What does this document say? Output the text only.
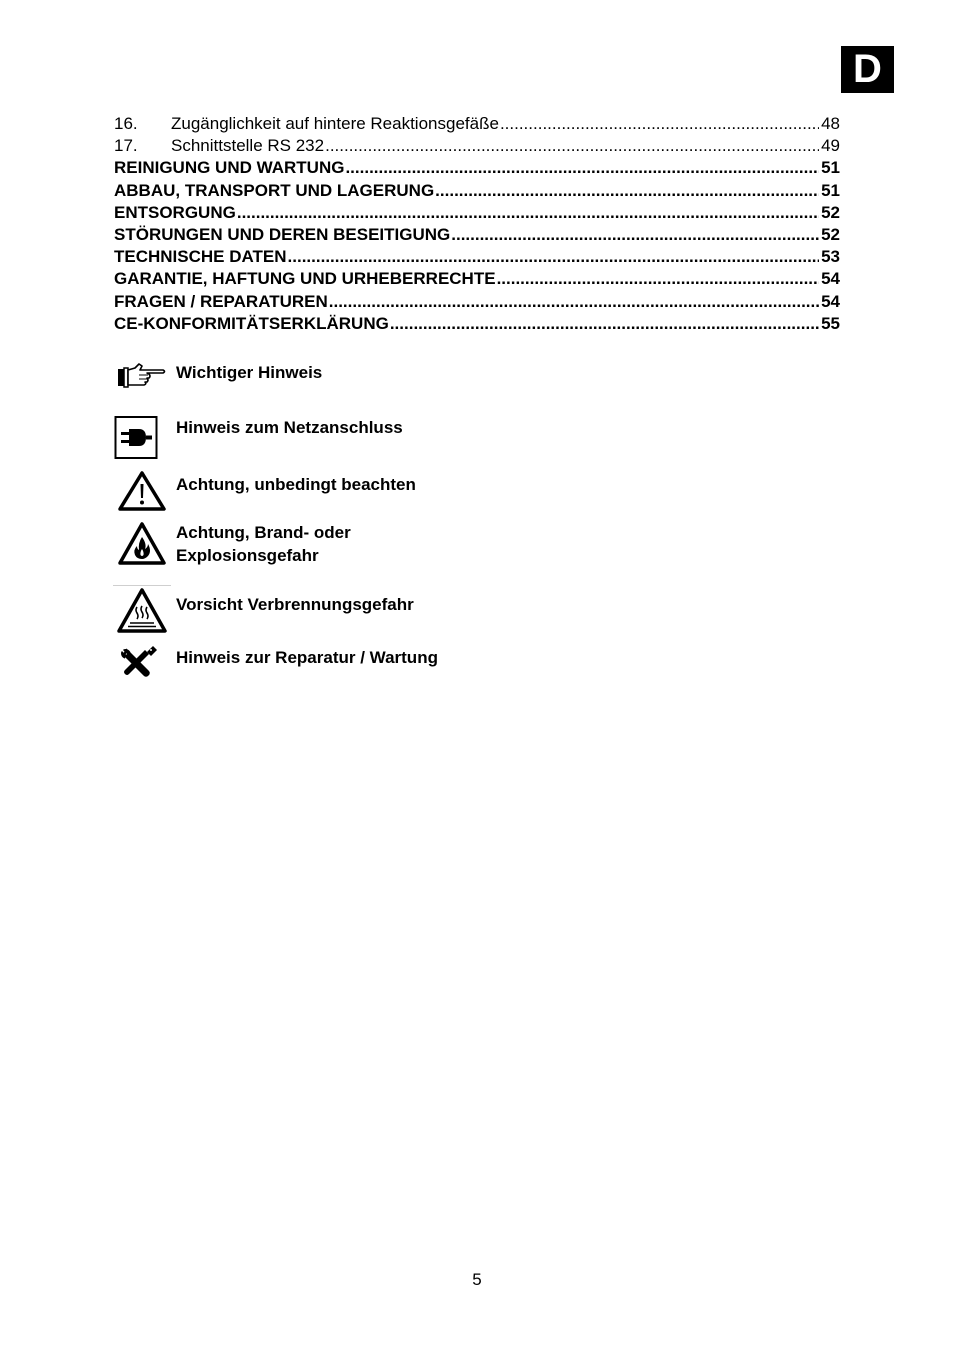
D
16.	Zugänglichkeit auf hintere Reaktionsgefäße .....	48
17.	Schnittstelle RS 232 .....	49
REINIGUNG UND WARTUNG .....	51
ABBAU, TRANSPORT UND LAGERUNG .....	51
ENTSORGUNG .....	52
STÖRUNGEN UND DEREN BESEITIGUNG .....	52
TECHNISCHE DATEN .....	53
GARANTIE, HAFTUNG UND URHEBERRECHTE .....	54
FRAGEN / REPARATUREN .....	54
CE-KONFORMITÄTSERKLÄRUNG .....	55
Wichtiger Hinweis
Hinweis zum Netzanschluss
Achtung, unbedingt beachten
Achtung, Brand- oder
Explosionsgefahr
Vorsicht Verbrennungsgefahr
Hinweis zur Reparatur / Wartung
5
